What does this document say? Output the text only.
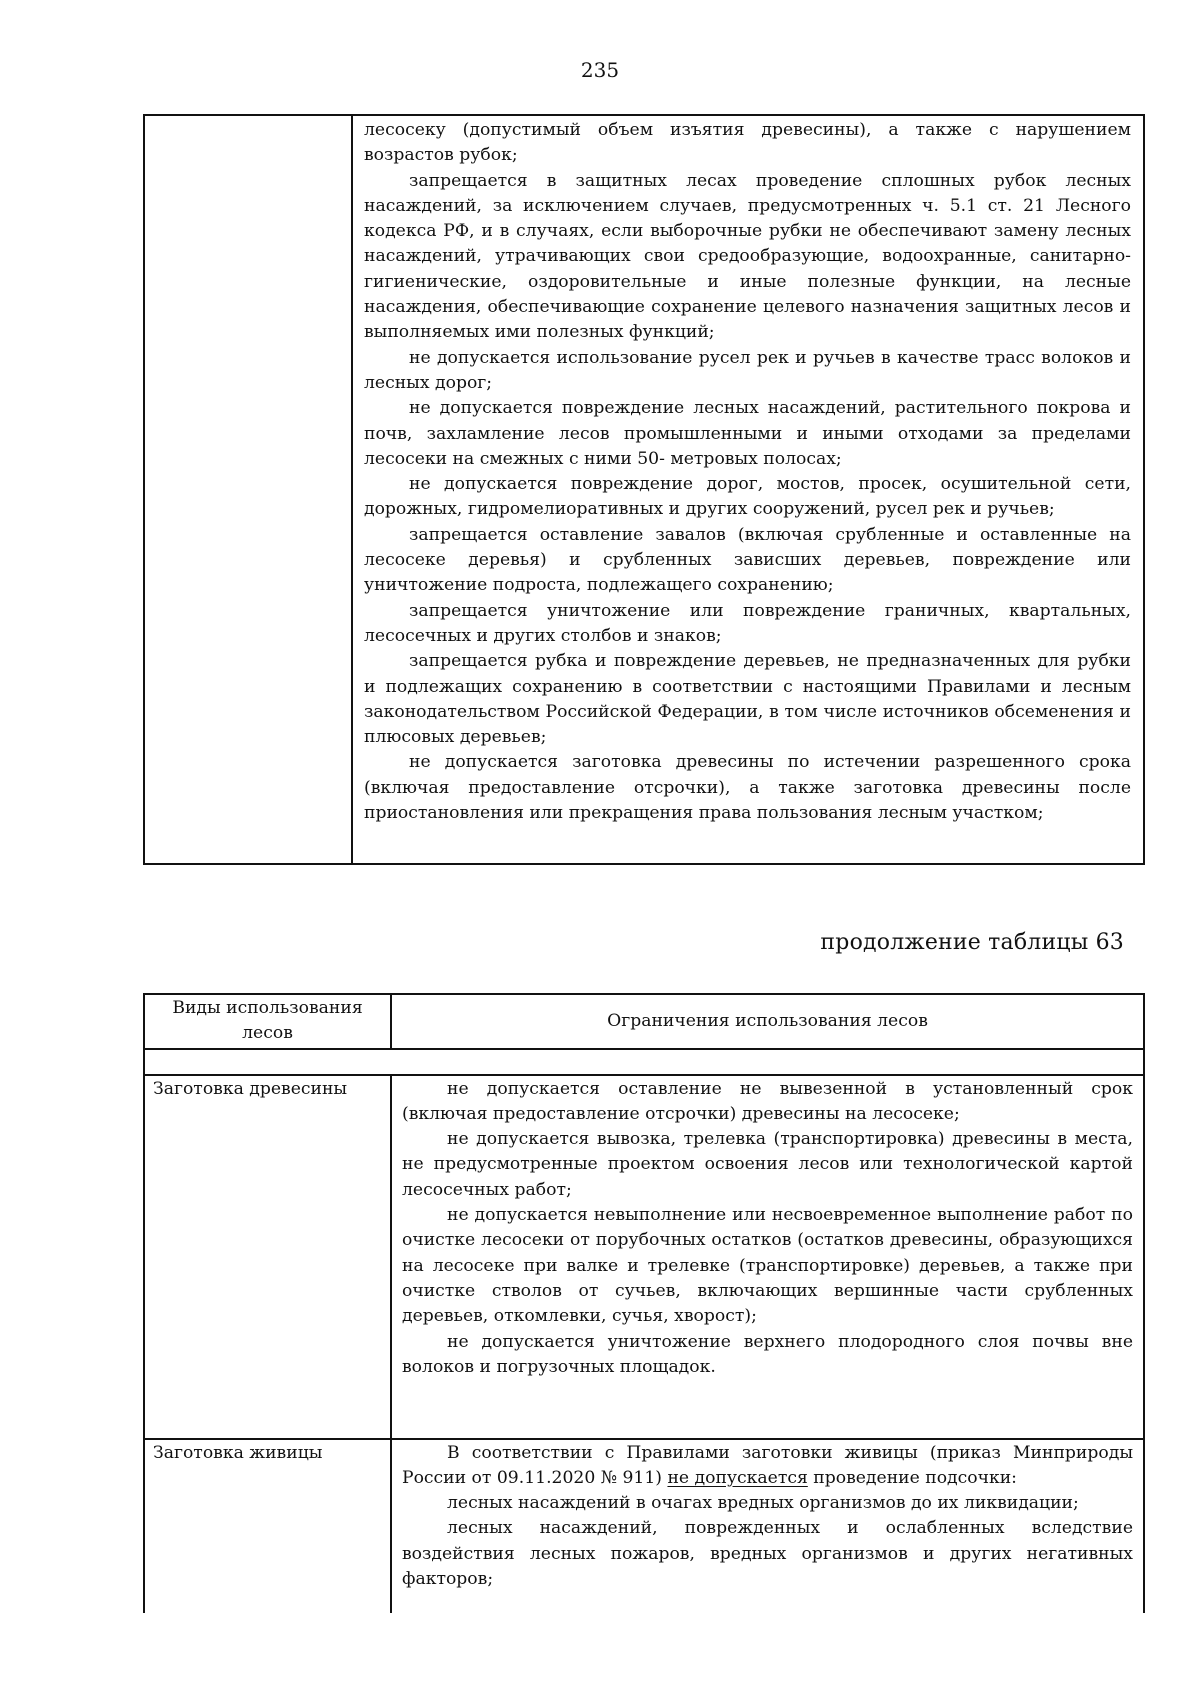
235

лесосеку (допустимый объем изъятия древесины), а также с нарушением возрастов рубок;

запрещается в защитных лесах проведение сплошных рубок лесных насаждений, за исключением случаев, предусмотренных ч. 5.1 ст. 21 Лесного кодекса РФ, и в случаях, если выборочные рубки не обеспечивают замену лесных насаждений, утрачивающих свои средообразующие, водоохранные, санитарно-гигиенические, оздоровительные и иные полезные функции, на лесные насаждения, обеспечивающие сохранение целевого назначения защитных лесов и выполняемых ими полезных функций;

не допускается использование русел рек и ручьев в качестве трасс волоков и лесных дорог;

не допускается повреждение лесных насаждений, растительного покрова и почв, захламление лесов промышленными и иными отходами за пределами лесосеки на смежных с ними 50- метровых полосах;

не допускается повреждение дорог, мостов, просек, осушительной сети, дорожных, гидромелиоративных и других сооружений, русел рек и ручьев;

запрещается оставление завалов (включая срубленные и оставленные на лесосеке деревья) и срубленных зависших деревьев, повреждение или уничтожение подроста, подлежащего сохранению;

запрещается уничтожение или повреждение граничных, квартальных, лесосечных и других столбов и знаков;

запрещается рубка и повреждение деревьев, не предназначенных для рубки и подлежащих сохранению в соответствии с настоящими Правилами и лесным законодательством Российской Федерации, в том числе источников обсеменения и плюсовых деревьев;

не допускается заготовка древесины по истечении разрешенного срока (включая предоставление отсрочки), а также заготовка древесины после приостановления или прекращения права пользования лесным участком;

продолжение таблицы 63
Виды использования лесов	Ограничения использования лесов

Заготовка древесины	не допускается оставление не вывезенной в установленный срок (включая предоставление отсрочки) древесины на лесосеке;

не допускается вывозка, трелевка (транспортировка) древесины в места, не предусмотренные проектом освоения лесов или технологической картой лесосечных работ;

не допускается невыполнение или несвоевременное выполнение работ по очистке лесосеки от порубочных остатков (остатков древесины, образующихся на лесосеке при валке и трелевке (транспортировке) деревьев, а также при очистке стволов от сучьев, включающих вершинные части срубленных деревьев, откомлевки, сучья, хворост);

не допускается уничтожение верхнего плодородного слоя почвы вне волоков и погрузочных площадок.

Заготовка живицы	В соответствии с Правилами заготовки живицы (приказ Минприроды России от 09.11.2020 № 911) не допускается проведение подсочки:

лесных насаждений в очагах вредных организмов до их ликвидации;

лесных насаждений, поврежденных и ослабленных вследствие воздействия лесных пожаров, вредных организмов и других негативных факторов;
